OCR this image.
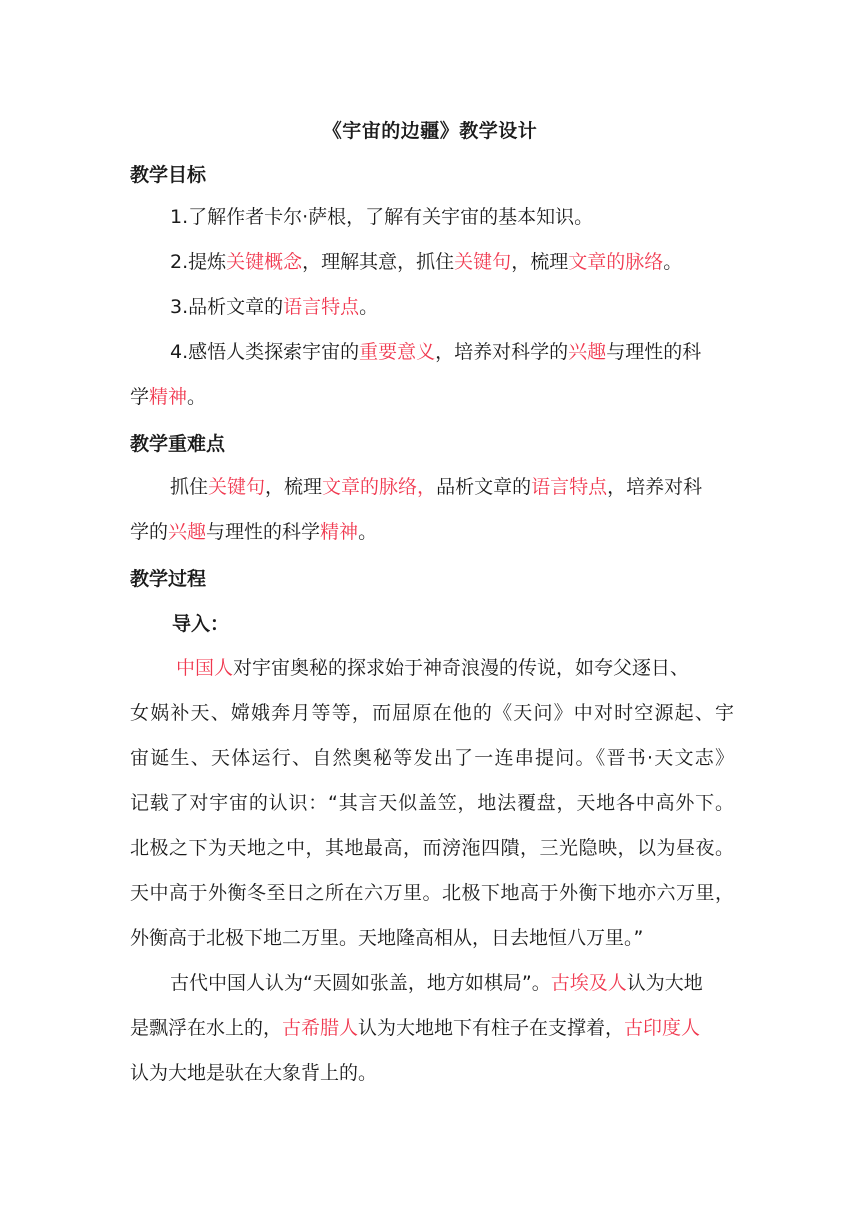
《宇宙的边疆》教学设计
教学目标
1.了解作者卡尔·萨根，了解有关宇宙的基本知识。
2.提炼关键概念，理解其意，抓住关键句，梳理文章的脉络。
3.品析文章的语言特点。
4.感悟人类探索宇宙的重要意义，培养对科学的兴趣与理性的科
学精神。
教学重难点
抓住关键句，梳理文章的脉络，品析文章的语言特点，培养对科
学的兴趣与理性的科学精神。
教学过程
导入：
中国人对宇宙奥秘的探求始于神奇浪漫的传说，如夸父逐日、
女娲补天、嫦娥奔月等等，而屈原在他的《天问》中对时空源起、宇
宙诞生、天体运行、自然奥秘等发出了一连串提问。《晋书·天文志》
记载了对宇宙的认识：“其言天似盖笠，地法覆盘，天地各中高外下。
北极之下为天地之中，其地最高，而滂沲四隤，三光隐映，以为昼夜。
天中高于外衡冬至日之所在六万里。北极下地高于外衡下地亦六万里，
外衡高于北极下地二万里。天地隆高相从，日去地恒八万里。”
古代中国人认为“天圆如张盖，地方如棋局”。古埃及人认为大地
是飘浮在水上的，古希腊人认为大地地下有柱子在支撑着，古印度人
认为大地是驮在大象背上的。
